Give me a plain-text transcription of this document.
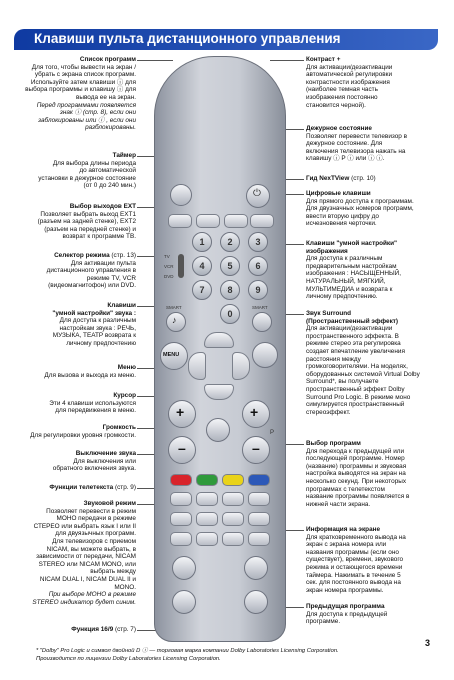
Клавиши пульта дистанционного управления
Список программ
Для того, чтобы вывести на экран /
убрать с экрана список программ.
Используйте затем клавиши ⓘ для
выбора программы и клавишу ⓘ для
вывода ее на экран.
Перед программами появляется
знак ⓘ (стр. 8), если они
заблокированы или ⓘ , если они
разблокированы.
Таймер
Для выбора длины периода
до автоматической
установки в дежурное состояние
(от 0 до 240 мин.)
Выбор выходов EXT
Позволяет выбрать выход EXT1
(разъем на задней стенке), EXT2
(разъем на передней стенке) и
возврат к программе ТВ.
Селектор режима (стр. 13)
Для активации пульта
дистанционного управления в
режиме TV, VCR
(видеомагнитофон) или DVD.
Клавиши
"умной настройки" звука :
Для доступа к различным
настройкам звука : РЕЧЬ,
МУЗЫКА, ТЕАТР возврата к
личному предпочтению
Меню
Для вызова и выхода из меню.
Курсор
Эти 4 клавиши используются
для передвижения в меню.
Громкость
Для регулировки уровня громкости.
Выключение звука
Для выключения или
обратного включения звука.
Функции телетекста (стр. 9)
Звуковой режим
Позволяет перевести в режим
МОНО передачи в режиме
СТЕРЕО или выбрать язык I или II
для двуязычных программ.
Для телевизоров с приемом
NICAM, вы можете выбрать, в
зависимости от передачи, NICAM
STEREO или NICAM MONO, или
выбрать между
NICAM DUAL I, NICAM DUAL II и
MONO.
При выборе МОНО в режиме
STEREO индикатор будет синим.
Функция 16/9 (стр. 7)
Контраст +
Для активации/дезактивации
автоматической регулировки
контрастности изображения
(наиболее темная часть
изображения постоянно
становится черной).
Дежурное состояние
Позволяет перевести телевизор в
дежурное состояние. Для
включения телевизора нажать на
клавишу ⓘ P ⓘ или ⓘ ⓘ.
Гид NexTView (стр. 10)
Цифровые клавиши
Для прямого доступа к программам.
Для двузначных номеров программ,
ввести вторую цифру до
исчезновения черточки.
Клавиши "умной настройки"
изображения
Для доступа к различным
предварительным настройкам
изображения : НАСЫЩЕННЫЙ,
НАТУРАЛЬНЫЙ, МЯГКИЙ,
МУЛЬТИМЕДИА и возврата к
личному предпочтению.
Звук Surround
(Пространственный эффект)
Для активации/дезактивации
пространственного эффекта. В
режиме стерео эта регулировка
создает впечатление увеличения
расстояния между
громкоговорителями. На моделях,
оборудованных системой Virtual Dolby
Surround*, вы получаете
пространственный эффект Dolby
Surround Pro Logic. В режиме моно
симулируется пространственный
стереоэффект.
Выбор программ
Для перехода к предыдущей или
последующей программе. Номер
(название) программы и звуковая
настройка выводятся на экран на
несколько секунд. При некоторых
программах с телетекстом
название программы появляется в
нижней части экрана.
Информация на экране
Для кратковременного вывода на
экран с экрана номера или
названия программы (если оно
существует), времени, звукового
режима и остающегося времени
таймера. Нажимать в течение 5
сек. для постоянного вывода на
экран номера программы.
Предыдущая программа
Для доступа к предыдущей
программе.
⏻
TV
VCR
DVD
1	2	3
4	5	6
7	8	9
0
SMART	SMART
♪
MENU
+	+
P
–	–
3
* "Dolby" Pro Logic и символ двойной D ⓘ — торговая марка компании Dolby Laboratories Licensing Corporation.
Производится по лицензии Dolby Laboratories Licensing Corporation.
